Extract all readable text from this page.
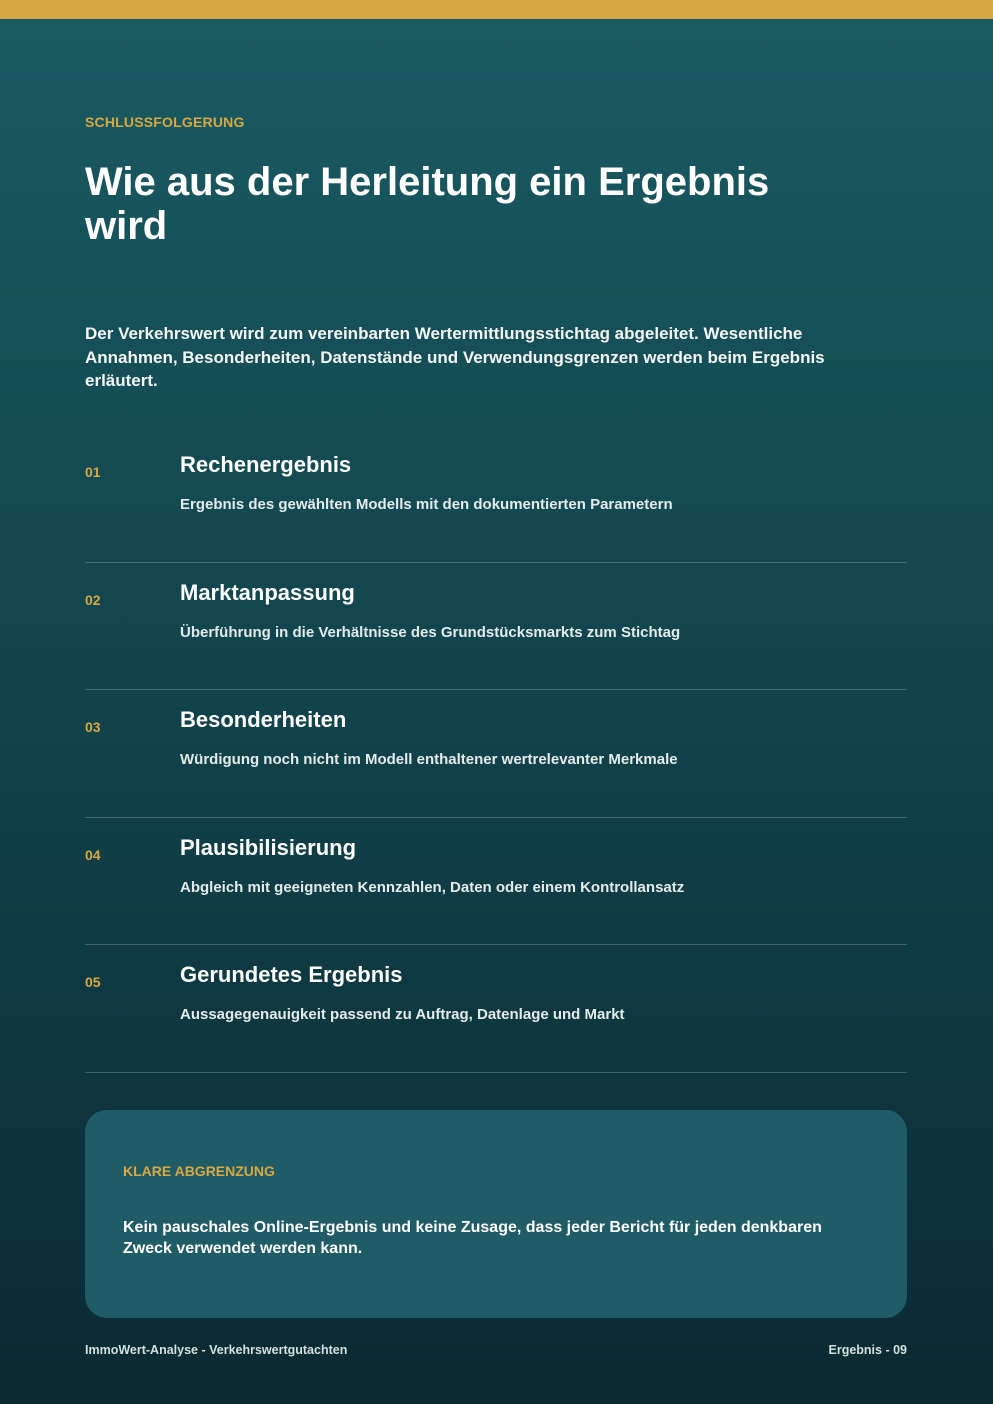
SCHLUSSFOLGERUNG
Wie aus der Herleitung ein Ergebnis wird

Der Verkehrswert wird zum vereinbarten Wertermittlungsstichtag abgeleitet. Wesentliche Annahmen, Besonderheiten, Datenstände und Verwendungsgrenzen werden beim Ergebnis erläutert.

01	Rechenergebnis
Ergebnis des gewählten Modells mit den dokumentierten Parametern
02	Marktanpassung
Überführung in die Verhältnisse des Grundstücksmarkts zum Stichtag
03	Besonderheiten
Würdigung noch nicht im Modell enthaltener wertrelevanter Merkmale
04	Plausibilisierung
Abgleich mit geeigneten Kennzahlen, Daten oder einem Kontrollansatz
05	Gerundetes Ergebnis
Aussagegenauigkeit passend zu Auftrag, Datenlage und Markt
KLARE ABGRENZUNG

Kein pauschales Online-Ergebnis und keine Zusage, dass jeder Bericht für jeden denkbaren Zweck verwendet werden kann.

ImmoWert-Analyse - Verkehrswertgutachten	Ergebnis - 09
